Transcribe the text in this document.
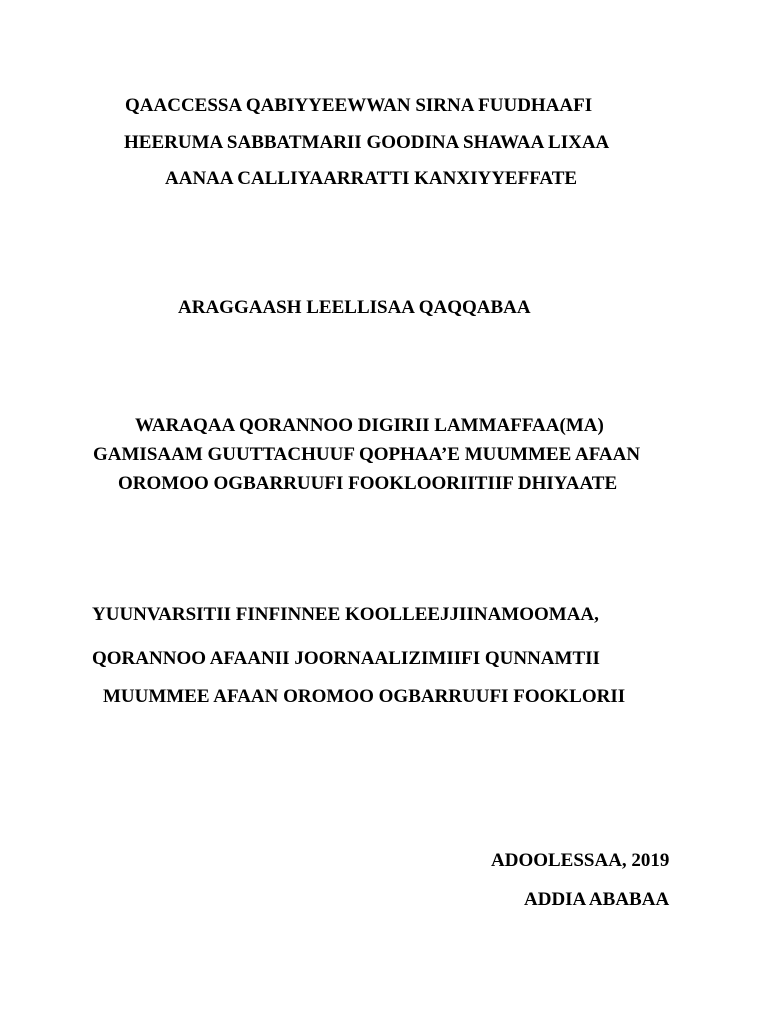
QAACCESSA QABIYYEEWWAN SIRNA FUUDHAAFI
HEERUMA SABBATMARII GOODINA SHAWAA LIXAA
AANAA CALLIYAARRATTI KANXIYYEFFATE
ARAGGAASH LEELLISAA QAQQABAA
WARAQAA QORANNOO DIGIRII LAMMAFFAA(MA)
GAMISAAM GUUTTACHUUF QOPHAA’E MUUMMEE AFAAN
OROMOO OGBARRUUFI FOOKLOORIITIIF DHIYAATE
YUUNVARSITII FINFINNEE KOOLLEEJJIINAMOOMAA,
QORANNOO AFAANII JOORNAALIZIMIIFI QUNNAMTII
MUUMMEE AFAAN OROMOO OGBARRUUFI FOOKLORII
ADOOLESSAA, 2019
ADDIA ABABAA
